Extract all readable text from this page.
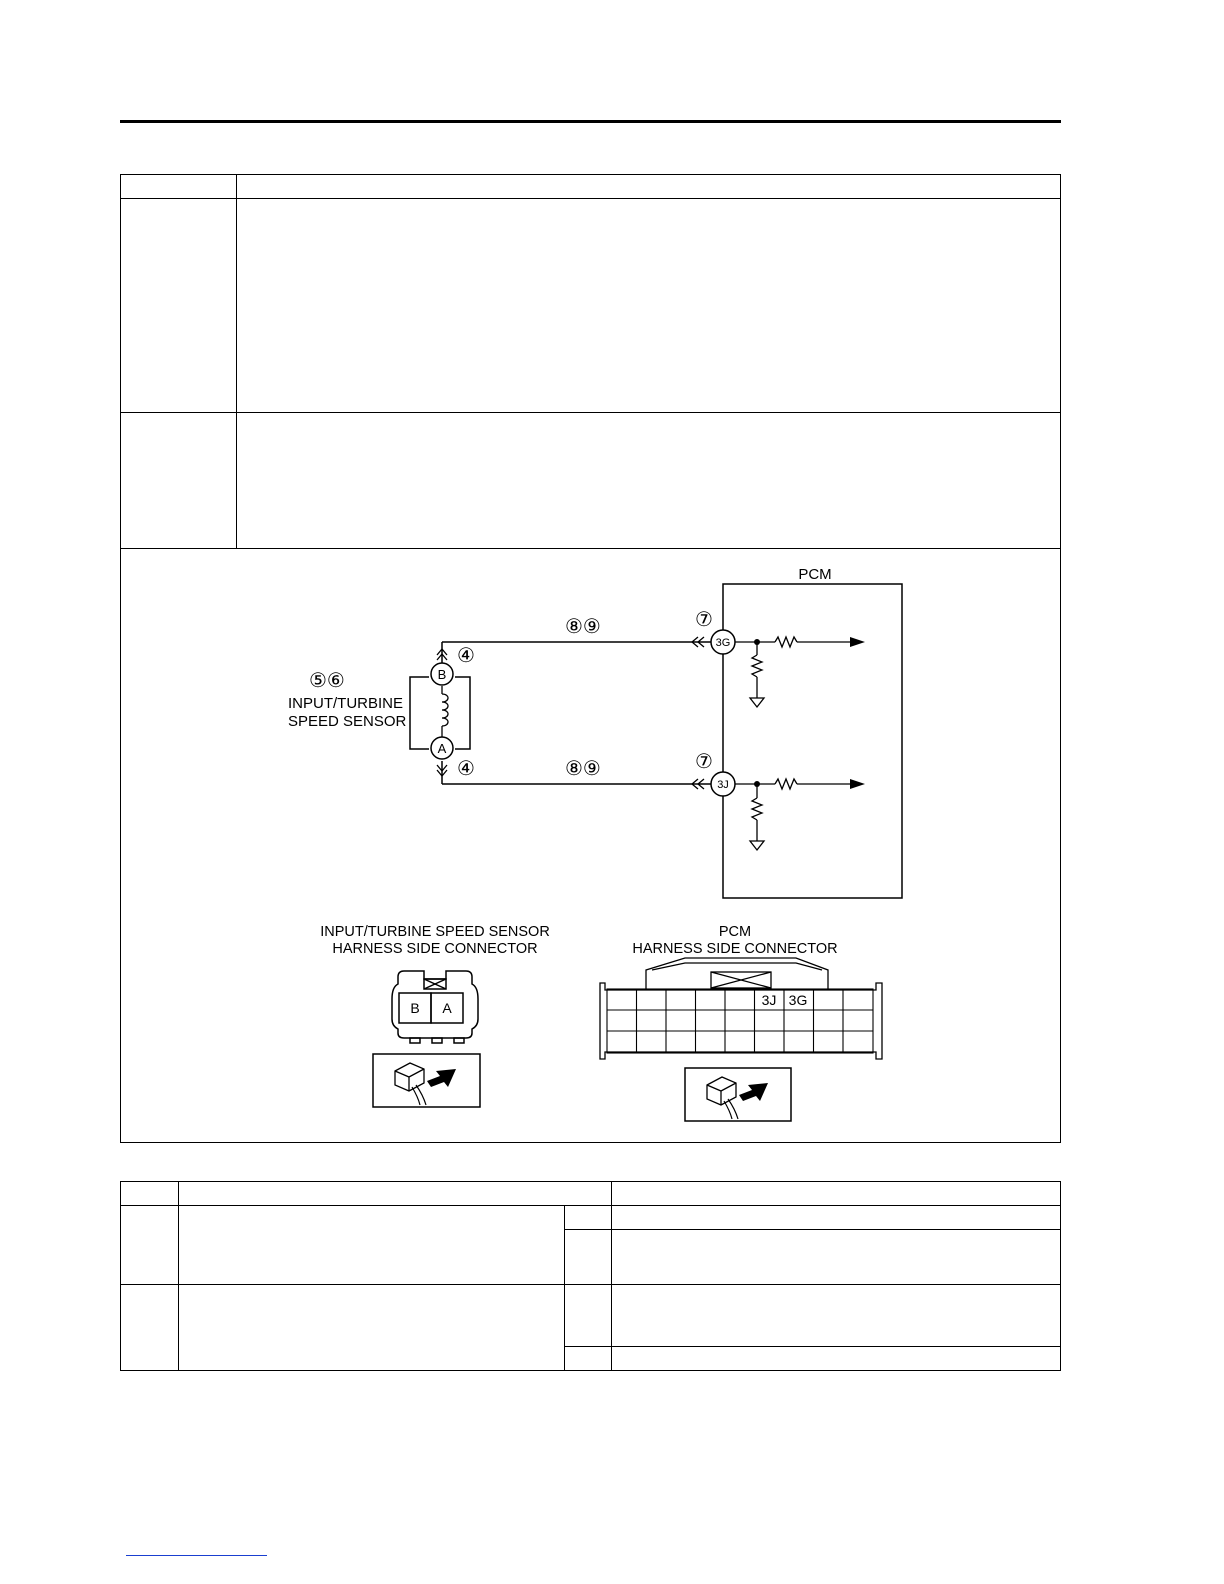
PCM
B
A
⑤⑥
INPUT/TURBINE
SPEED SENSOR
④
④
⑧⑨
⑧⑨
⑦
⑦
3G
3J
INPUT/TURBINE SPEED SENSOR
HARNESS SIDE CONNECTOR
B A
PCM
HARNESS SIDE CONNECTOR
3J 3G
